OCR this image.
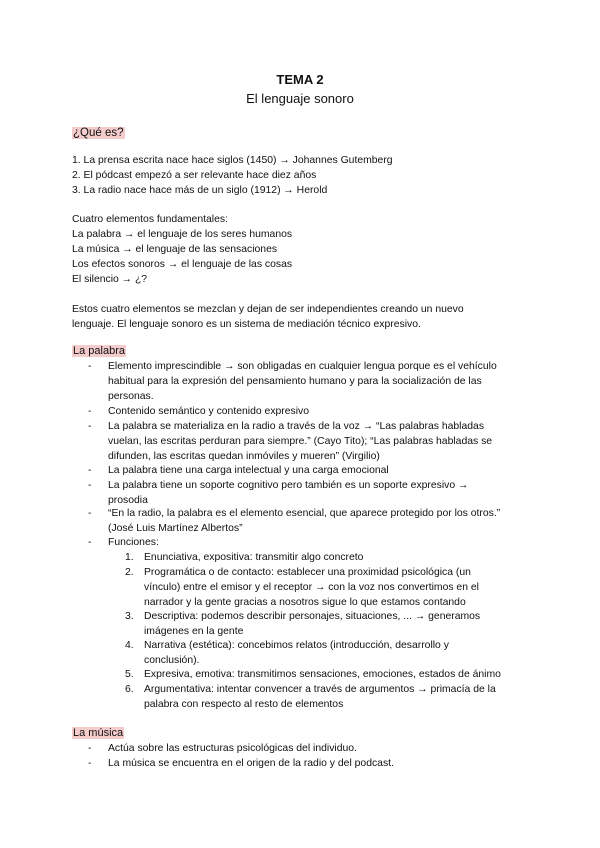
TEMA 2
El lenguaje sonoro
¿Qué es?
1. La prensa escrita nace hace siglos (1450) → Johannes Gutemberg
2. El pódcast empezó a ser relevante hace diez años
3. La radio nace hace más de un siglo (1912) → Herold
Cuatro elementos fundamentales:
La palabra → el lenguaje de los seres humanos
La música → el lenguaje de las sensaciones
Los efectos sonoros → el lenguaje de las cosas
El silencio → ¿?
Estos cuatro elementos se mezclan y dejan de ser independientes creando un nuevo
lenguaje. El lenguaje sonoro es un sistema de mediación técnico expresivo.
La palabra
- Elemento imprescindible → son obligadas en cualquier lengua porque es el vehículo
habitual para la expresión del pensamiento humano y para la socialización de las
personas.
- Contenido semántico y contenido expresivo
- La palabra se materializa en la radio a través de la voz → “Las palabras habladas
vuelan, las escritas perduran para siempre.” (Cayo Tito); “Las palabras habladas se
difunden, las escritas quedan inmóviles y mueren” (Virgilio)
- La palabra tiene una carga intelectual y una carga emocional
- La palabra tiene un soporte cognitivo pero también es un soporte expresivo →
prosodia
- “En la radio, la palabra es el elemento esencial, que aparece protegido por los otros.”
(José Luis Martínez Albertos”
- Funciones:
1. Enunciativa, expositiva: transmitir algo concreto
2. Programática o de contacto: establecer una proximidad psicológica (un
vínculo) entre el emisor y el receptor → con la voz nos convertimos en el
narrador y la gente gracias a nosotros sigue lo que estamos contando
3. Descriptiva: podemos describir personajes, situaciones, ... → generamos
imágenes en la gente
4. Narrativa (estética): concebimos relatos (introducción, desarrollo y
conclusión).
5. Expresiva, emotiva: transmitimos sensaciones, emociones, estados de ánimo
6. Argumentativa: intentar convencer a través de argumentos → primacía de la
palabra con respecto al resto de elementos
La música
- Actúa sobre las estructuras psicológicas del individuo.
- La música se encuentra en el origen de la radio y del podcast.
